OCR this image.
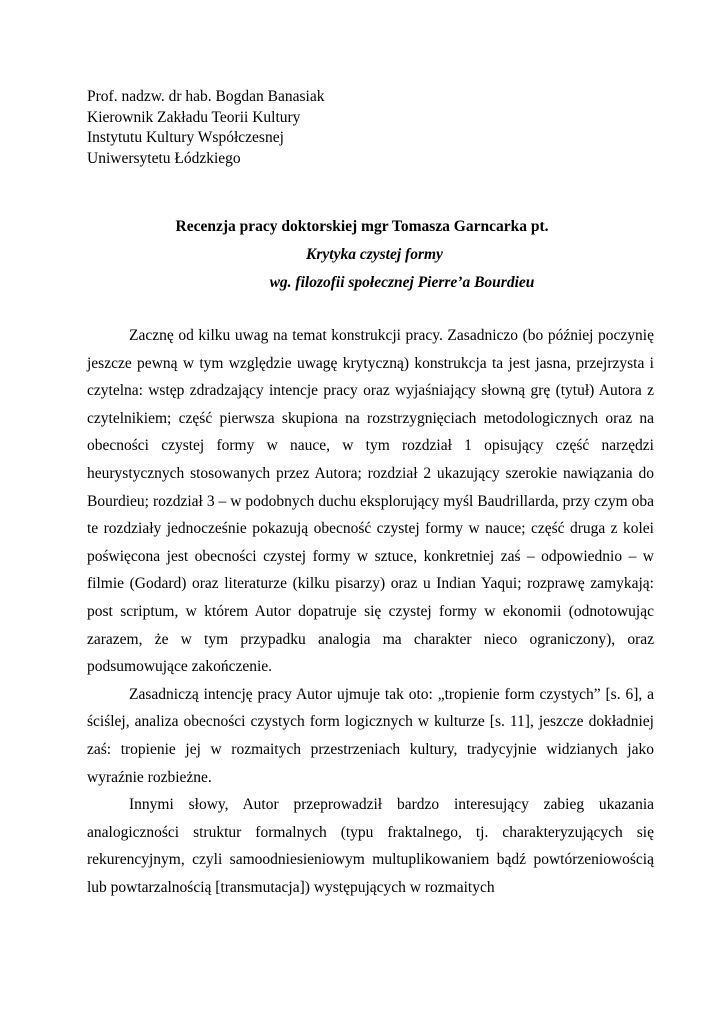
Prof. nadzw. dr hab. Bogdan Banasiak
Kierownik Zakładu Teorii Kultury
Instytutu Kultury Współczesnej
Uniwersytetu Łódzkiego
Recenzja pracy doktorskiej mgr Tomasza Garncarka pt.
Krytyka czystej formy
wg. filozofii społecznej Pierre’a Bourdieu

Zacznę od kilku uwag na temat konstrukcji pracy. Zasadniczo (bo później poczynię jeszcze pewną w tym względzie uwagę krytyczną) konstrukcja ta jest jasna, przejrzysta i czytelna: wstęp zdradzający intencje pracy oraz wyjaśniający słowną grę (tytuł) Autora z czytelnikiem; część pierwsza skupiona na rozstrzygnięciach metodologicznych oraz na obecności czystej formy w nauce, w tym rozdział 1 opisujący część narzędzi heurystycznych stosowanych przez Autora; rozdział 2 ukazujący szerokie nawiązania do Bourdieu; rozdział 3 – w podobnych duchu eksplorujący myśl Baudrillarda, przy czym oba te rozdziały jednocześnie pokazują obecność czystej formy w nauce; część druga z kolei poświęcona jest obecności czystej formy w sztuce, konkretniej zaś – odpowiednio – w filmie (Godard) oraz literaturze (kilku pisarzy) oraz u Indian Yaqui; rozprawę zamykają: post scriptum, w którem Autor dopatruje się czystej formy w ekonomii (odnotowując zarazem, że w tym przypadku analogia ma charakter nieco ograniczony), oraz podsumowujące zakończenie.

Zasadniczą intencję pracy Autor ujmuje tak oto: „tropienie form czystych” [s. 6], a ściślej, analiza obecności czystych form logicznych w kulturze [s. 11], jeszcze dokładniej zaś: tropienie jej w rozmaitych przestrzeniach kultury, tradycyjnie widzianych jako wyraźnie rozbieżne.

Innymi słowy, Autor przeprowadził bardzo interesujący zabieg ukazania analogiczności struktur formalnych (typu fraktalnego, tj. charakteryzujących się rekurencyjnym, czyli samoodniesieniowym multuplikowaniem bądź powtórzeniowością lub powtarzalnością [transmutacja]) występujących w rozmaitych
